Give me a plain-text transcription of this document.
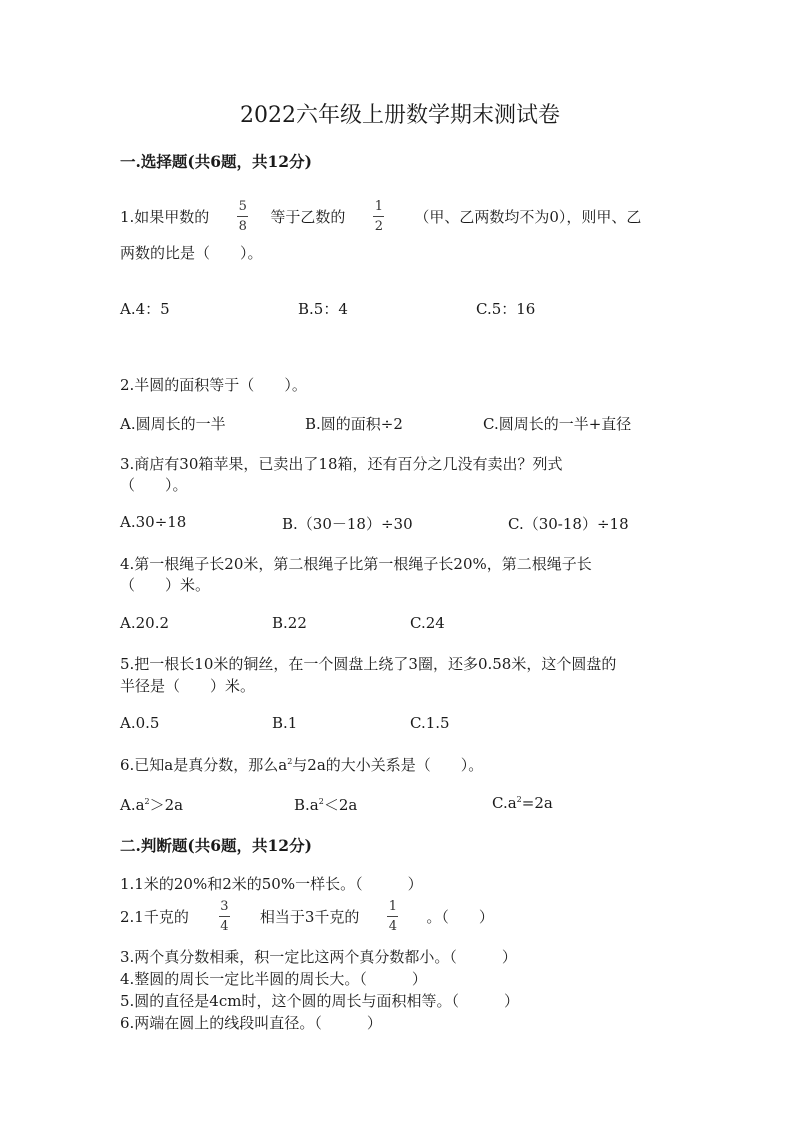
2022六年级上册数学期末测试卷
一.选择题(共6题，共12分)
1.如果甲数的 $\frac{5}{8}$ 等于乙数的 $\frac{1}{2}$ （甲、乙两数均不为0），则甲、乙
两数的比是（　　）。
A.4：5	B.5：4	C.5：16
2.半圆的面积等于（　　）。
A.圆周长的一半	B.圆的面积÷2	C.圆周长的一半+直径
3.商店有30箱苹果，已卖出了18箱，还有百分之几没有卖出？列式
（　　）。
A.30÷18	B.（30－18）÷30	C.（30-18）÷18
4.第一根绳子长20米，第二根绳子比第一根绳子长20%，第二根绳子长
（　　）米。
A.20.2	B.22	C.24
5.把一根长10米的铜丝，在一个圆盘上绕了3圈，还多0.58米，这个圆盘的
半径是（　　）米。
A.0.5	B.1	C.1.5
6.已知a是真分数，那么$a^2$与2a的大小关系是（　　）。
$A.a^2>2a$	$B.a^2<2a$	$C.a^2=2a$
二.判断题(共6题，共12分)
1.1米的20%和2米的50%一样长。（　　　）
2.1千克的 $\frac{3}{4}$ 相当于3千克的 $\frac{1}{4}$ 。（　　）
3.两个真分数相乘，积一定比这两个真分数都小。（　　　）
4.整圆的周长一定比半圆的周长大。（　　　）
5.圆的直径是4cm时，这个圆的周长与面积相等。（　　　）
6.两端在圆上的线段叫直径。（　　　）
